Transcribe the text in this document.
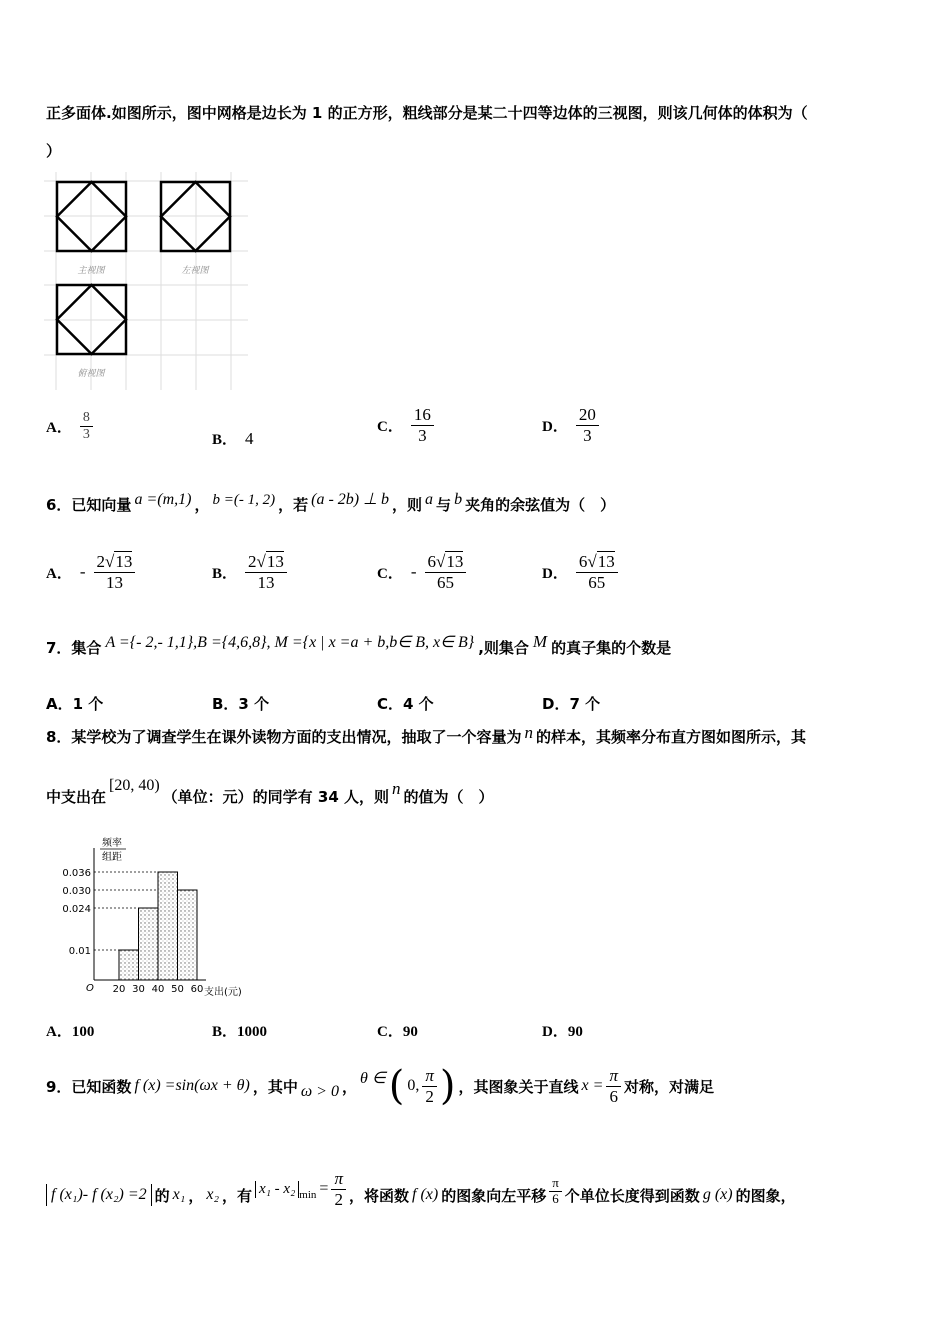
正多面体.如图所示，图中网格是边长为 1 的正方形，粗线部分是某二十四等边体的三视图，则该几何体的体积为（
）
主视图	左视图
俯视图
A． $\frac{8}{3}$	B． 4
C． $\frac{16}{3}$	D． $\frac{20}{3}$
6．已知向量 a =(m,1) ， b =(- 1, 2) ，若 (a - 2b) ⊥ b ，则 a 与 b 夹角的余弦值为（　）
A． - $\frac{2√13}{13}$	B． $\frac{2√13}{13}$	C． - $\frac{6√13}{65}$	D． $\frac{6√13}{65}$
7．集合 A ={- 2,- 1,1},B ={4,6,8}, M ={x | x =a + b,b∈ B, x∈ B} ,则集合 M 的真子集的个数是
A．1 个	B．3 个	C．4 个	D．7 个
8．某学校为了调查学生在课外读物方面的支出情况，抽取了一个容量为 n 的样本，其频率分布直方图如图所示，其
中支出在
[20, 40)
（单位：元）的同学有 34 人，则 n 的值为（　）
频率
组距
O	支出(元)
0.036
0.030
0.024
0.01
20 30 40 50 60
A．100	B．1000	C．90	D．90
9．已知函数 f (x) =sin(ωx + θ) ，其中 ω > 0 ， θ ∈ ( 0, $\frac{\pi}{2}$ ) ，其图象关于直线 $x = \frac{\pi}{6}$ 对称，对满足
f (x₁)- f (x₂) =2 的 x₁ ， x₂ ，有 x₁ - x₂ $\min = \frac{\pi}{2}$ ，将函数 f (x) 的图象向左平移 $\frac{\pi}{6}$ 个单位长度得到函数 g (x) 的图象，
